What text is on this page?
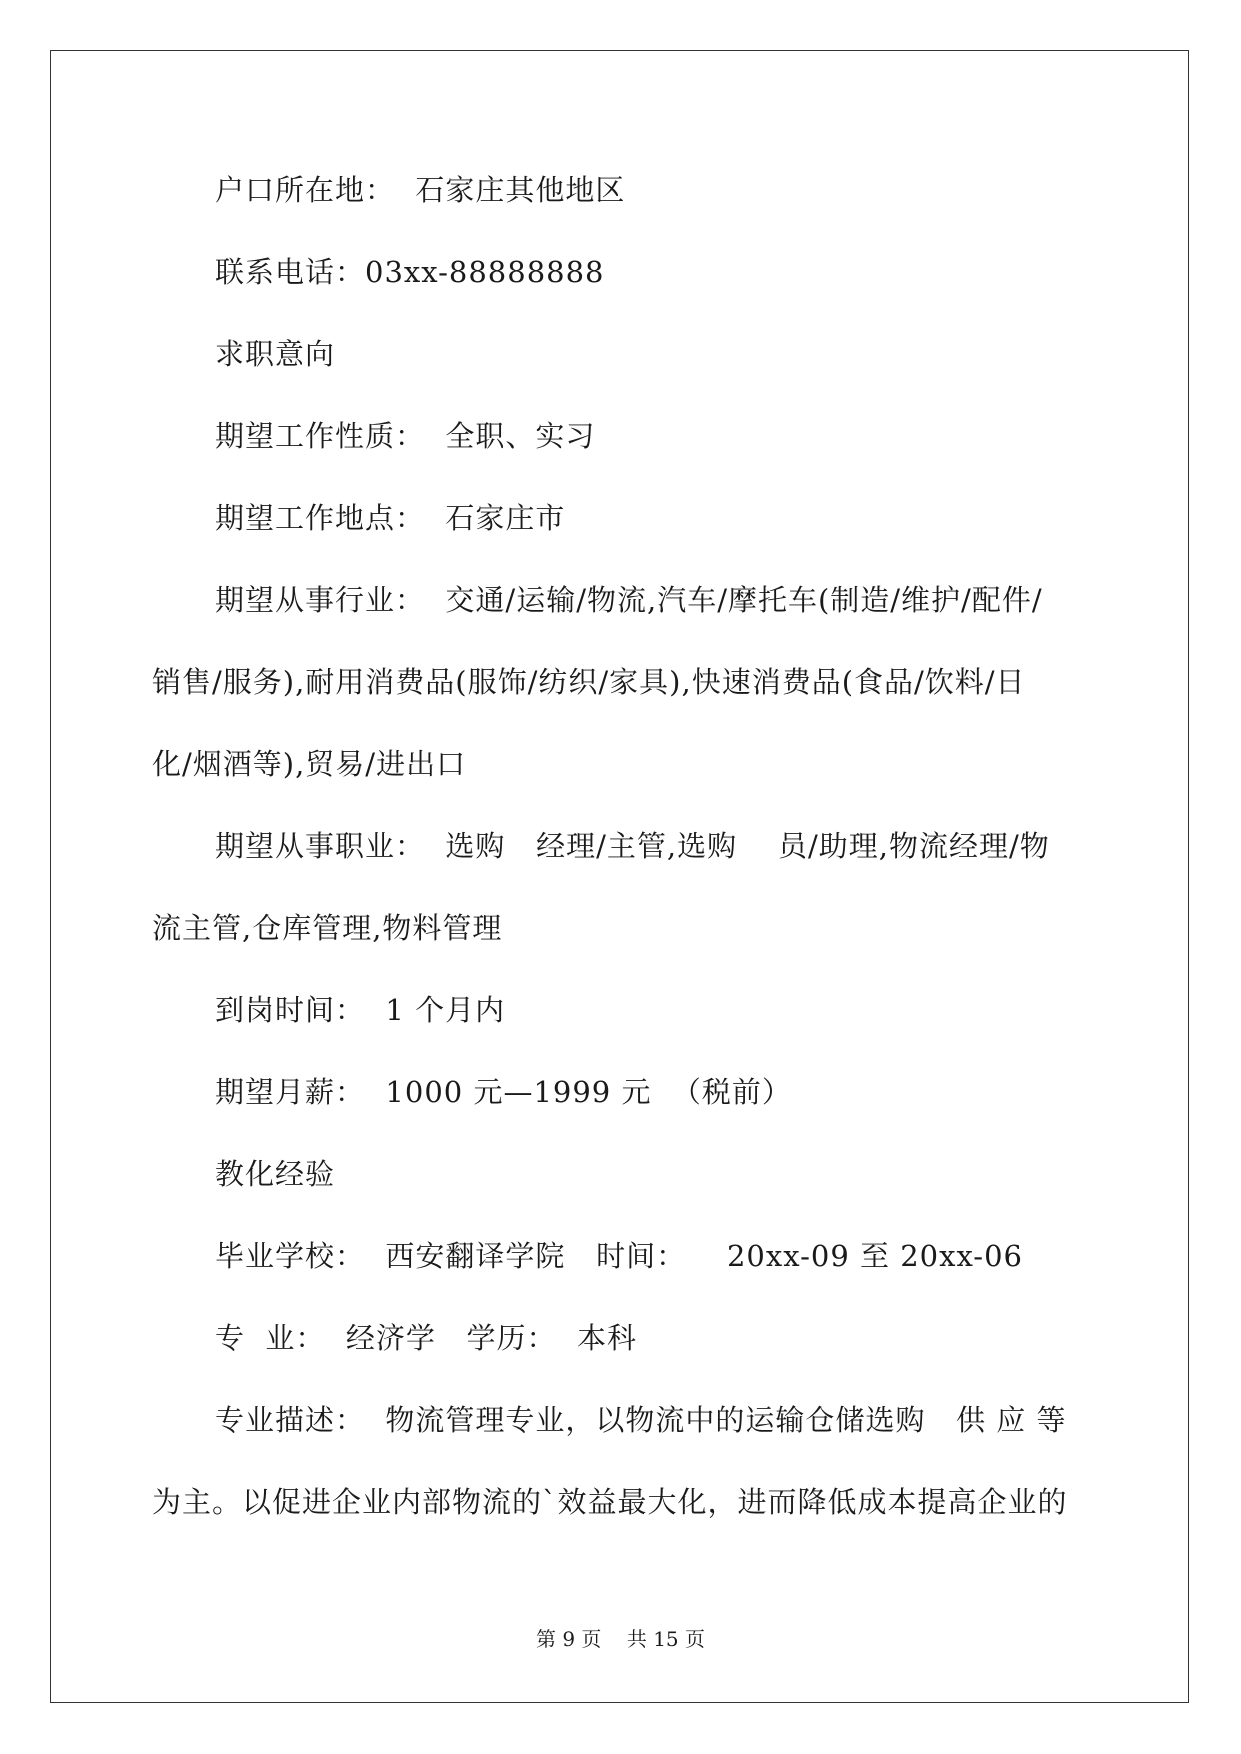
户口所在地：  石家庄其他地区
联系电话：03xx-88888888
求职意向
期望工作性质：  全职、实习
期望工作地点：  石家庄市
期望从事行业：  交通/运输/物流,汽车/摩托车(制造/维护/配件/
销售/服务),耐用消费品(服饰/纺织/家具),快速消费品(食品/饮料/日
化/烟酒等),贸易/进出口
期望从事职业：  选购   经理/主管,选购    员/助理,物流经理/物
流主管,仓库管理,物料管理
到岗时间：  1 个月内
期望月薪：  1000 元—1999 元  （税前）
教化经验
毕业学校：  西安翻译学院   时间：    20xx-09 至 20xx-06
专  业：  经济学   学历：  本科
专业描述：  物流管理专业，以物流中的运输仓储选购   供 应 等
为主。以促进企业内部物流的`效益最大化，进而降低成本提高企业的
第 9 页    共 15 页
